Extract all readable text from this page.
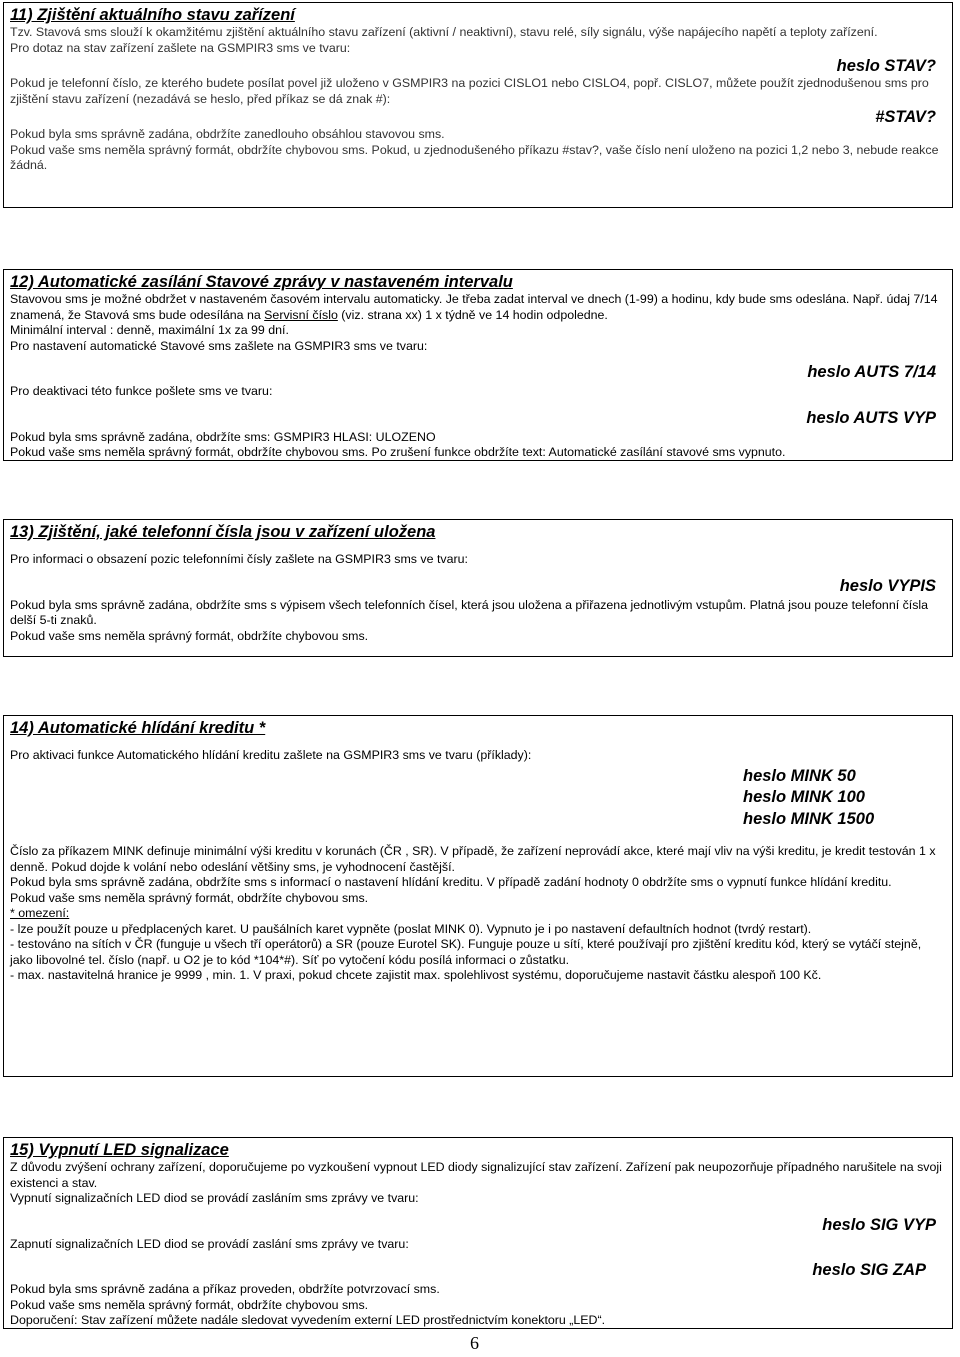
11) Zjištění aktuálního stavu zařízení

Tzv. Stavová sms slouží k okamžitému zjištění aktuálního stavu zařízení (aktivní / neaktivní), stavu relé, síly signálu, výše napájecího napětí a teploty zařízení.

Pro dotaz na stav zařízení zašlete na GSMPIR3 sms ve tvaru:

heslo STAV?

Pokud je telefonní číslo, ze kterého budete posílat povel již uloženo v GSMPIR3 na pozici CISLO1 nebo CISLO4, popř. CISLO7, můžete použít zjednodušenou sms pro zjištění stavu zařízení (nezadává se heslo, před příkaz se dá znak #):

#STAV?

Pokud byla sms správně zadána, obdržíte zanedlouho obsáhlou stavovou sms.

Pokud vaše sms neměla správný formát, obdržíte chybovou sms. Pokud, u zjednodušeného příkazu #stav?, vaše číslo není uloženo na pozici 1,2 nebo 3, nebude reakce žádná.

12) Automatické zasílání Stavové zprávy v nastaveném intervalu

Stavovou sms je možné obdržet v nastaveném časovém intervalu automaticky. Je třeba zadat interval ve dnech (1-99) a hodinu, kdy bude sms odeslána. Např. údaj 7/14 znamená, že Stavová sms bude odesílána na Servisní číslo (viz. strana xx) 1 x týdně ve 14 hodin odpoledne.

Minimální interval : denně, maximální 1x za 99 dní.

Pro nastavení automatické Stavové sms zašlete na GSMPIR3 sms ve tvaru:

heslo AUTS 7/14

Pro deaktivaci této funkce pošlete sms ve tvaru:

heslo AUTS VYP

Pokud byla sms správně zadána, obdržíte sms: GSMPIR3 HLASI: ULOZENO

Pokud vaše sms neměla správný formát, obdržíte chybovou sms. Po zrušení funkce obdržíte text: Automatické zasílání stavové sms vypnuto.

13) Zjištění, jaké telefonní čísla jsou v zařízení uložena

Pro informaci o obsazení pozic telefonními čísly zašlete na GSMPIR3 sms ve tvaru:

heslo VYPIS

Pokud byla sms správně zadána, obdržíte sms s výpisem všech telefonních čísel, která jsou uložena a přiřazena jednotlivým vstupům. Platná jsou pouze telefonní čísla delší 5-ti znaků.

Pokud vaše sms neměla správný formát, obdržíte chybovou sms.

14) Automatické hlídání kreditu *

Pro aktivaci funkce Automatického hlídání kreditu zašlete na GSMPIR3 sms ve tvaru (příklady):

heslo MINK 50
heslo MINK 100
heslo MINK 1500

Číslo za příkazem MINK definuje minimální výši kreditu v korunách (ČR , SR). V případě, že zařízení neprovádí akce, které mají vliv na výši kreditu, je kredit testován 1 x denně. Pokud dojde k volání nebo odeslání většiny sms, je vyhodnocení častější.

Pokud byla sms správně zadána, obdržíte sms s informací o nastavení hlídání kreditu. V případě zadání hodnoty 0 obdržíte sms o vypnutí funkce hlídání kreditu.

Pokud vaše sms neměla správný formát, obdržíte chybovou sms.

* omezení:

- lze použít pouze u předplacených karet. U paušálních karet vypněte (poslat MINK 0). Vypnuto je i po nastavení defaultních hodnot (tvrdý restart).

- testováno na sítích v ČR (funguje u všech tří operátorů) a SR (pouze Eurotel SK). Funguje pouze u sítí, které používají pro zjištění kreditu kód, který se vytáčí stejně, jako libovolné tel. číslo (např. u O2 je to kód *104*#). Síť po vytočení kódu posílá informaci o zůstatku.

- max. nastavitelná hranice je 9999 , min. 1. V praxi, pokud chcete zajistit max. spolehlivost systému, doporučujeme nastavit částku alespoň 100 Kč.

15) Vypnutí LED signalizace

Z důvodu zvýšení ochrany zařízení, doporučujeme po vyzkoušení vypnout LED diody signalizující stav zařízení. Zařízení pak neupozorňuje případného narušitele na svoji existenci a stav.

Vypnutí signalizačních LED diod se provádí zasláním sms zprávy ve tvaru:

heslo SIG VYP

Zapnutí signalizačních LED diod se provádí zaslání sms zprávy ve tvaru:

heslo SIG ZAP

Pokud byla sms správně zadána a příkaz proveden, obdržíte potvrzovací sms.

Pokud vaše sms neměla správný formát, obdržíte chybovou sms.

Doporučení: Stav zařízení můžete nadále sledovat vyvedením externí LED prostřednictvím konektoru „LED“.

6
